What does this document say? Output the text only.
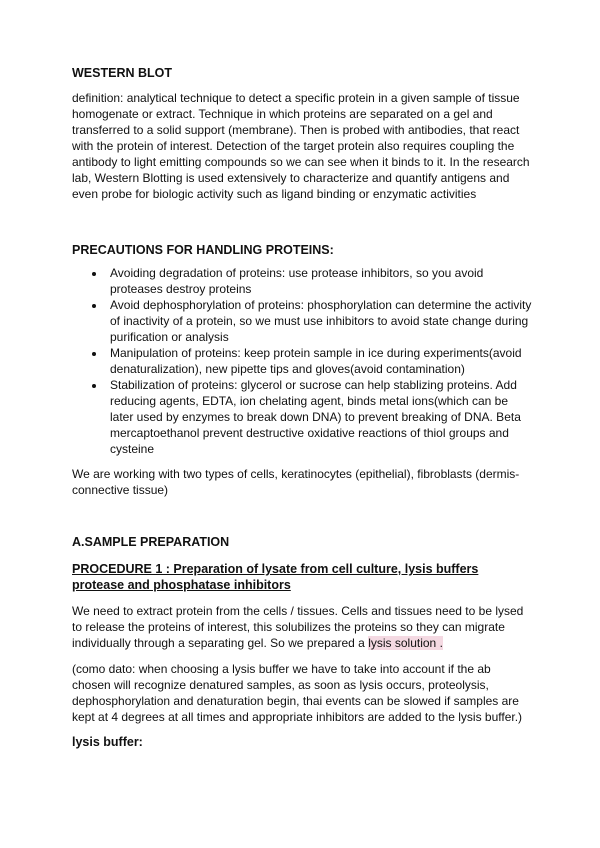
WESTERN BLOT

definition: analytical technique to detect a specific protein in a given sample of tissue homogenate or extract. Technique in which proteins are separated on a gel and transferred to a solid support (membrane). Then is probed with antibodies, that react with the protein of interest. Detection of the target protein also requires coupling the antibody to light emitting compounds so we can see when it binds to it. In the research lab, Western Blotting is used extensively to characterize and quantify antigens and even probe for biologic activity such as ligand binding or enzymatic activities

PRECAUTIONS FOR HANDLING PROTEINS:

• Avoiding degradation of proteins: use protease inhibitors, so you avoid proteases destroy proteins
• Avoid dephosphorylation of proteins: phosphorylation can determine the activity of inactivity of a protein, so we must use inhibitors to avoid state change during purification or analysis
• Manipulation of proteins: keep protein sample in ice during experiments(avoid denaturalization), new pipette tips and gloves(avoid contamination)
• Stabilization of proteins: glycerol or sucrose can help stablizing proteins. Add reducing agents, EDTA, ion chelating agent, binds metal ions(which can be later used by enzymes to break down DNA) to prevent breaking of DNA. Beta mercaptoethanol prevent destructive oxidative reactions of thiol groups and cysteine

We are working with two types of cells, keratinocytes (epithelial), fibroblasts (dermis-connective tissue)

A.SAMPLE PREPARATION

PROCEDURE 1 : Preparation of lysate from cell culture, lysis buffers protease and phosphatase inhibitors

We need to extract protein from the cells / tissues. Cells and tissues need to be lysed to release the proteins of interest, this solubilizes the proteins so they can migrate individually through a separating gel. So we prepared a lysis solution .

(como dato: when choosing a lysis buffer we have to take into account if the ab chosen will recognize denatured samples, as soon as lysis occurs, proteolysis, dephosphorylation and denaturation begin, thai events can be slowed if samples are kept at 4 degrees at all times and appropriate inhibitors are added to the lysis buffer.)

lysis buffer:
